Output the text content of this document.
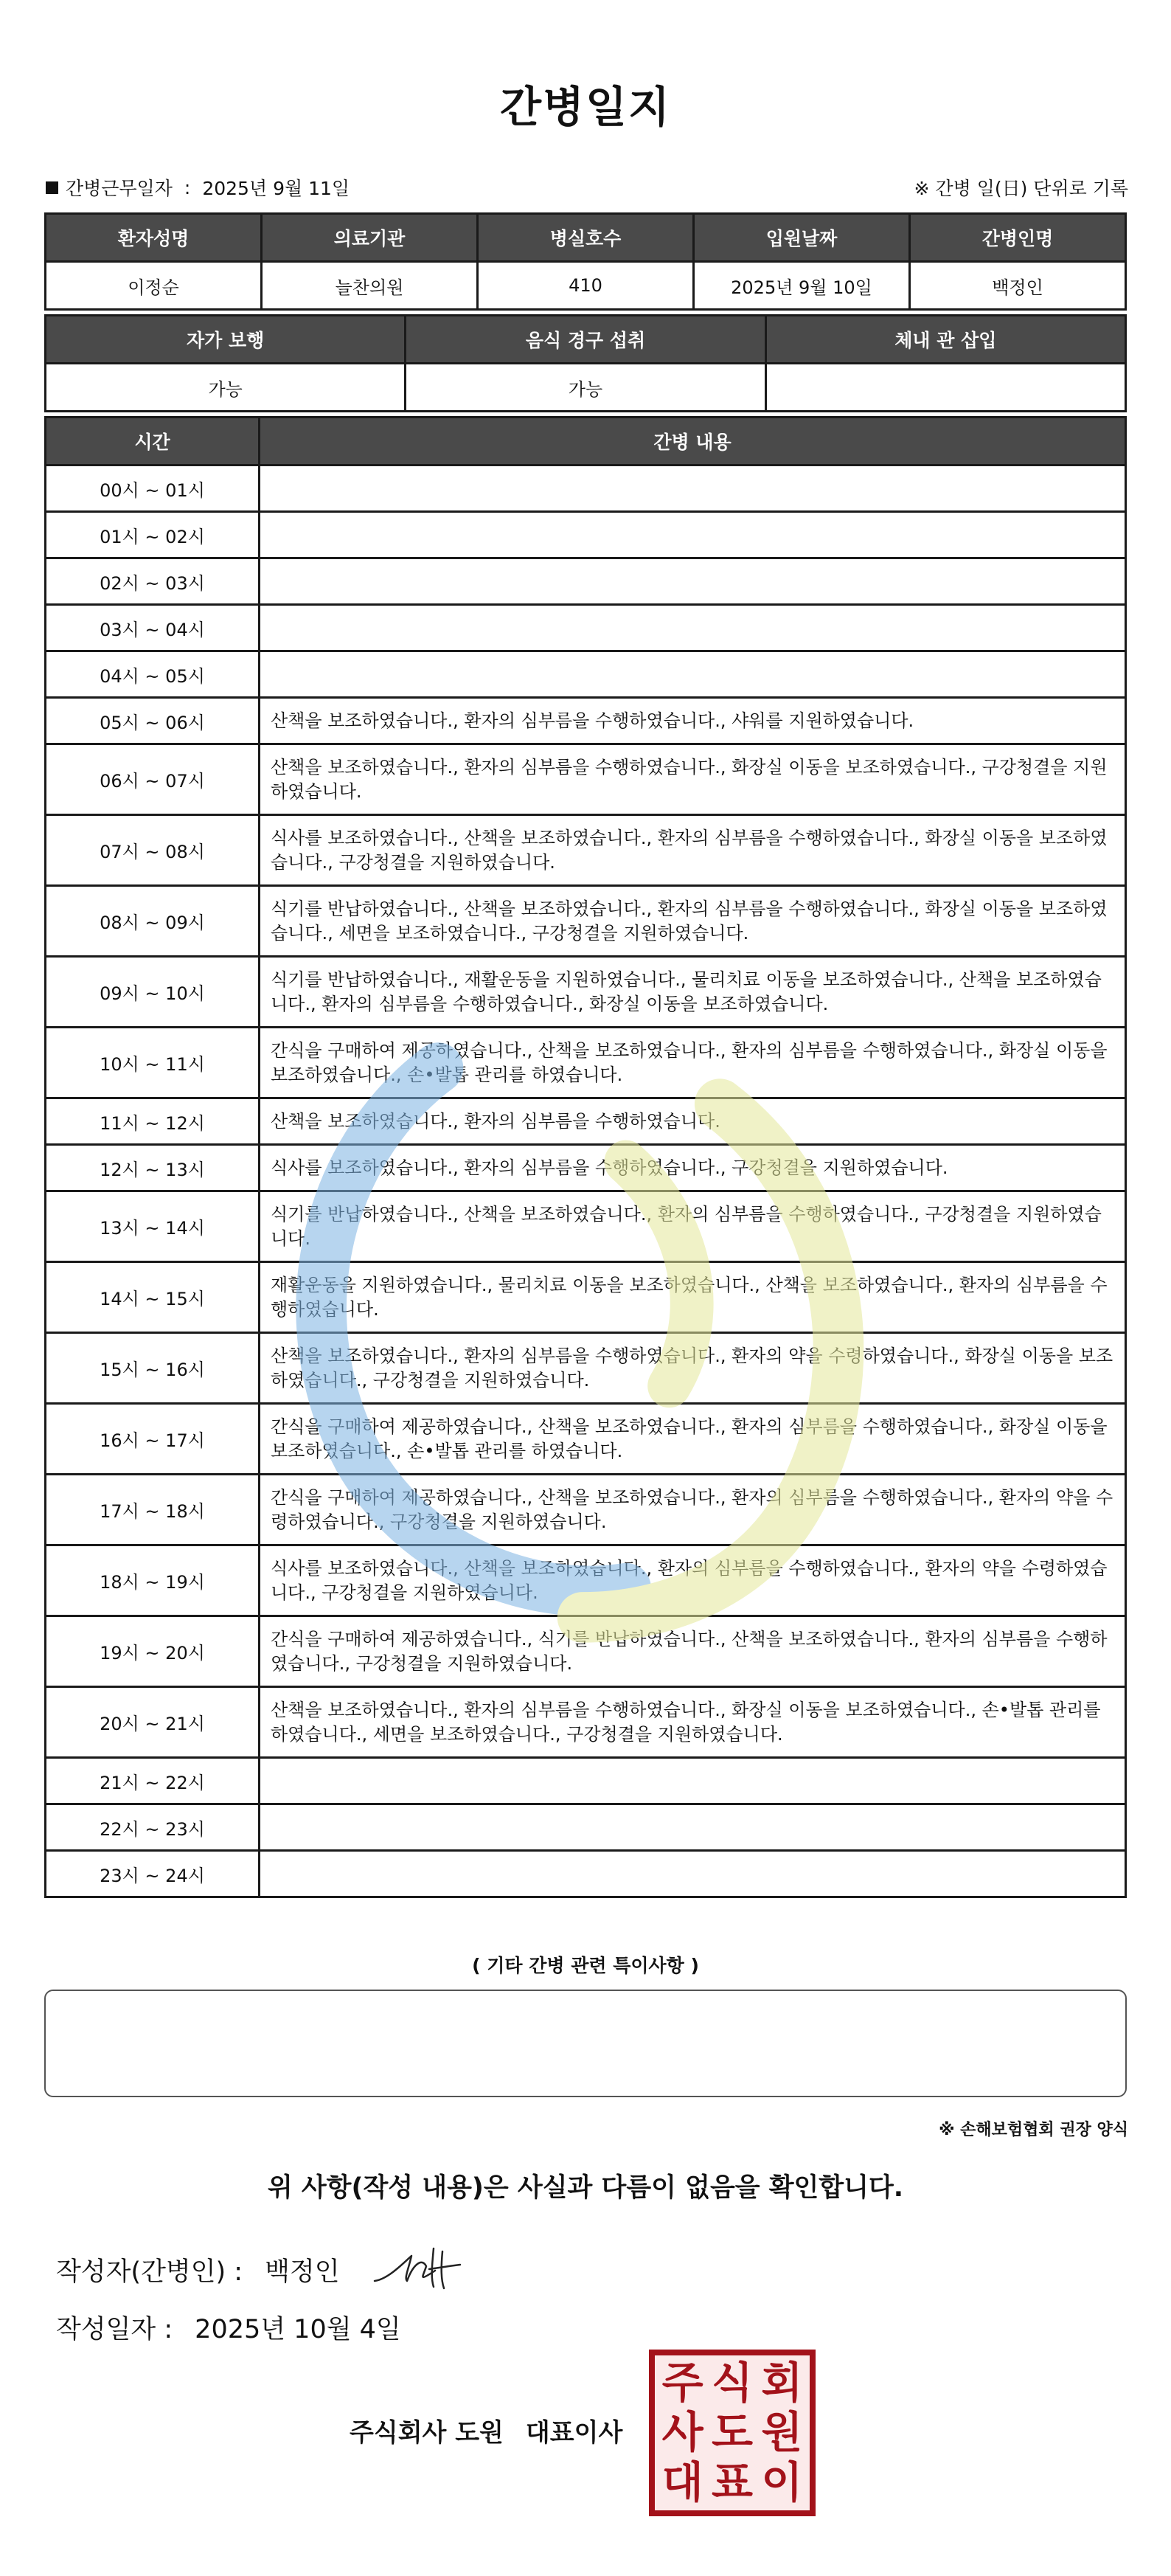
간병일지
간병근무일자 : 2025년 9월 11일	※ 간병 일(日) 단위로 기록
환자성명	의료기관	병실호수	입원날짜	간병인명
이정순	늘찬의원	410	2025년 9월 10일	백정인
자가 보행	음식 경구 섭취	체내 관 삽입
가능	가능	
시간	간병 내용
00시 ~ 01시	
01시 ~ 02시	
02시 ~ 03시	
03시 ~ 04시	
04시 ~ 05시	
05시 ~ 06시	산책을 보조하였습니다., 환자의 심부름을 수행하였습니다., 샤워를 지원하였습니다.
06시 ~ 07시	산책을 보조하였습니다., 환자의 심부름을 수행하였습니다., 화장실 이동을 보조하였습니다., 구강청결을 지원하였습니다.
07시 ~ 08시	식사를 보조하였습니다., 산책을 보조하였습니다., 환자의 심부름을 수행하였습니다., 화장실 이동을 보조하였습니다., 구강청결을 지원하였습니다.
08시 ~ 09시	식기를 반납하였습니다., 산책을 보조하였습니다., 환자의 심부름을 수행하였습니다., 화장실 이동을 보조하였습니다., 세면을 보조하였습니다., 구강청결을 지원하였습니다.
09시 ~ 10시	식기를 반납하였습니다., 재활운동을 지원하였습니다., 물리치료 이동을 보조하였습니다., 산책을 보조하였습니다., 환자의 심부름을 수행하였습니다., 화장실 이동을 보조하였습니다.
10시 ~ 11시	간식을 구매하여 제공하였습니다., 산책을 보조하였습니다., 환자의 심부름을 수행하였습니다., 화장실 이동을 보조하였습니다., 손•발톱 관리를 하였습니다.
11시 ~ 12시	산책을 보조하였습니다., 환자의 심부름을 수행하였습니다.
12시 ~ 13시	식사를 보조하였습니다., 환자의 심부름을 수행하였습니다., 구강청결을 지원하였습니다.
13시 ~ 14시	식기를 반납하였습니다., 산책을 보조하였습니다., 환자의 심부름을 수행하였습니다., 구강청결을 지원하였습니다.
14시 ~ 15시	재활운동을 지원하였습니다., 물리치료 이동을 보조하였습니다., 산책을 보조하였습니다., 환자의 심부름을 수행하였습니다.
15시 ~ 16시	산책을 보조하였습니다., 환자의 심부름을 수행하였습니다., 환자의 약을 수령하였습니다., 화장실 이동을 보조하였습니다., 구강청결을 지원하였습니다.
16시 ~ 17시	간식을 구매하여 제공하였습니다., 산책을 보조하였습니다., 환자의 심부름을 수행하였습니다., 화장실 이동을 보조하였습니다., 손•발톱 관리를 하였습니다.
17시 ~ 18시	간식을 구매하여 제공하였습니다., 산책을 보조하였습니다., 환자의 심부름을 수행하였습니다., 환자의 약을 수령하였습니다., 구강청결을 지원하였습니다.
18시 ~ 19시	식사를 보조하였습니다., 산책을 보조하였습니다., 환자의 심부름을 수행하였습니다., 환자의 약을 수령하였습니다., 구강청결을 지원하였습니다.
19시 ~ 20시	간식을 구매하여 제공하였습니다., 식기를 반납하였습니다., 산책을 보조하였습니다., 환자의 심부름을 수행하였습니다., 구강청결을 지원하였습니다.
20시 ~ 21시	산책을 보조하였습니다., 환자의 심부름을 수행하였습니다., 화장실 이동을 보조하였습니다., 손•발톱 관리를 하였습니다., 세면을 보조하였습니다., 구강청결을 지원하였습니다.
21시 ~ 22시	
22시 ~ 23시	
23시 ~ 24시	
( 기타 간병 관련 특이사항 )
※ 손해보험협회 권장 양식
위 사항(작성 내용)은 사실과 다름이 없음을 확인합니다.
작성자(간병인) : 백정인
작성일자 : 2025년 10월 4일
주식회사 도원 대표이사
주 식 회
사 도 원
대 표 이
